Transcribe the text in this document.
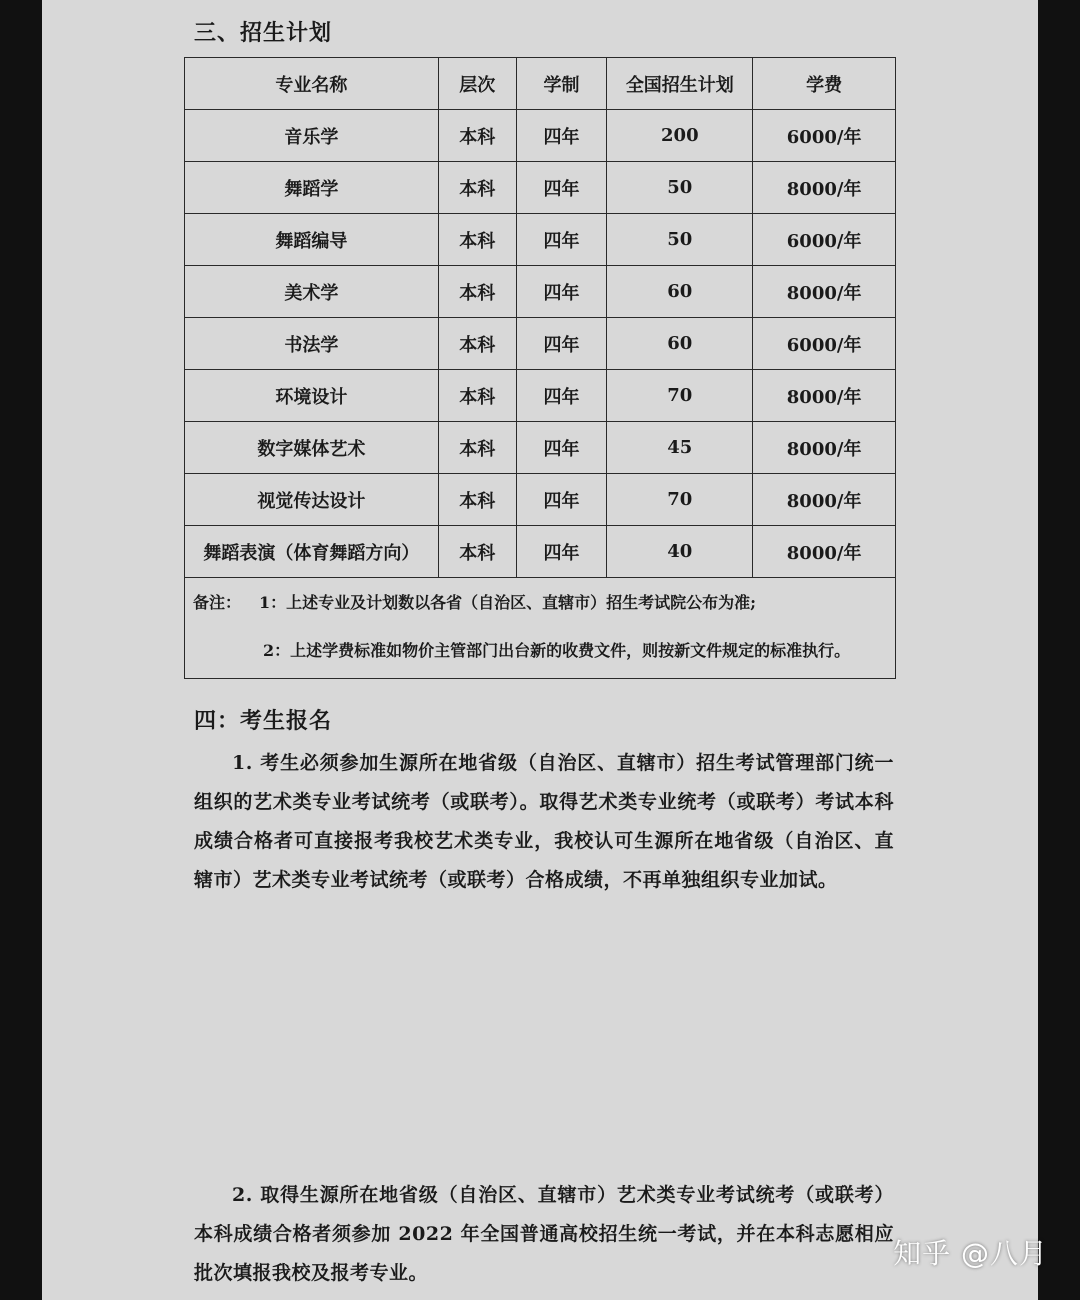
三、招生计划
专业名称	层次	学制	全国招生计划	学费
音乐学	本科	四年	200	6000/年
舞蹈学	本科	四年	50	8000/年
舞蹈编导	本科	四年	50	6000/年
美术学	本科	四年	60	8000/年
书法学	本科	四年	60	6000/年
环境设计	本科	四年	70	8000/年
数字媒体艺术	本科	四年	45	8000/年
视觉传达设计	本科	四年	70	8000/年
舞蹈表演（体育舞蹈方向）	本科	四年	40	8000/年

备注： 1：上述专业及计划数以各省（自治区、直辖市）招生考试院公布为准;
2：上述学费标准如物价主管部门出台新的收费文件，则按新文件规定的标准执行。				
四：考生报名

1. 考生必须参加生源所在地省级（自治区、直辖市）招生考试管理部门统一组织的艺术类专业考试统考（或联考）。取得艺术类专业统考（或联考）考试本科成绩合格者可直接报考我校艺术类专业，我校认可生源所在地省级（自治区、直辖市）艺术类专业考试统考（或联考）合格成绩，不再单独组织专业加试。

2. 取得生源所在地省级（自治区、直辖市）艺术类专业考试统考（或联考）本科成绩合格者须参加 2022 年全国普通高校招生统一考试，并在本科志愿相应批次填报我校及报考专业。

知乎 @八月
